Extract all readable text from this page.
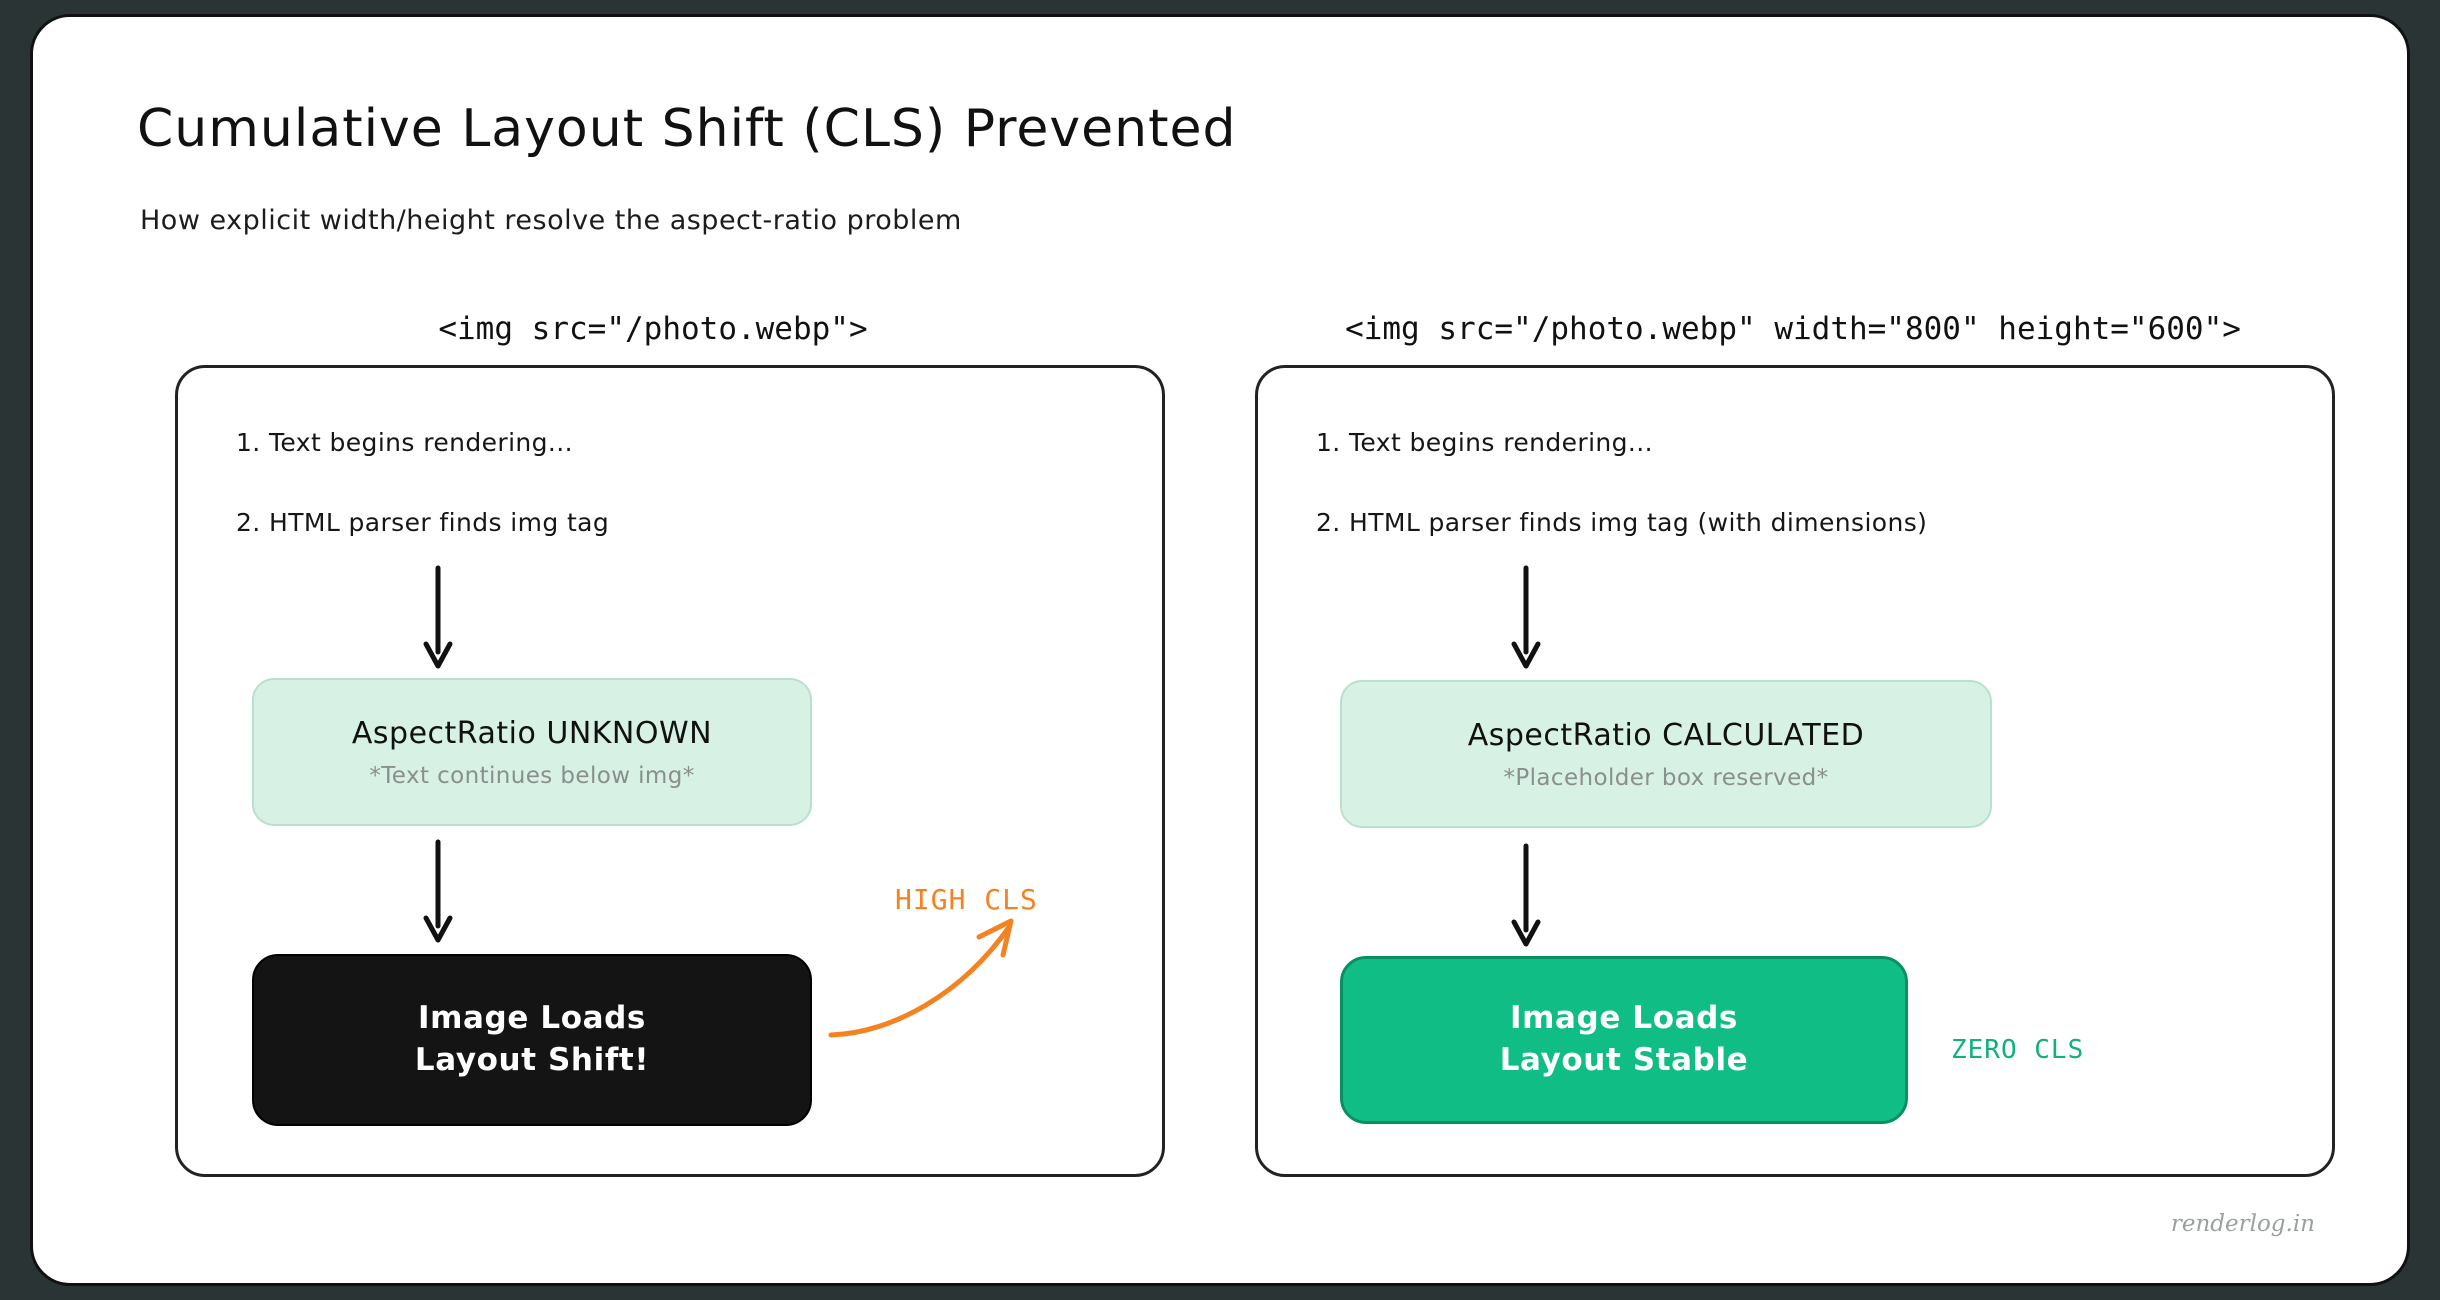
Cumulative Layout Shift (CLS) Prevented
How explicit width/height resolve the aspect-ratio problem
<img src="/photo.webp">
1. Text begins rendering...
2. HTML parser finds img tag
AspectRatio UNKNOWN
*Text continues below img*
Image Loads
Layout Shift!
HIGH CLS
<img src="/photo.webp" width="800" height="600">
1. Text begins rendering...
2. HTML parser finds img tag (with dimensions)
AspectRatio CALCULATED
*Placeholder box reserved*
Image Loads
Layout Stable	ZERO CLS
renderlog.in
